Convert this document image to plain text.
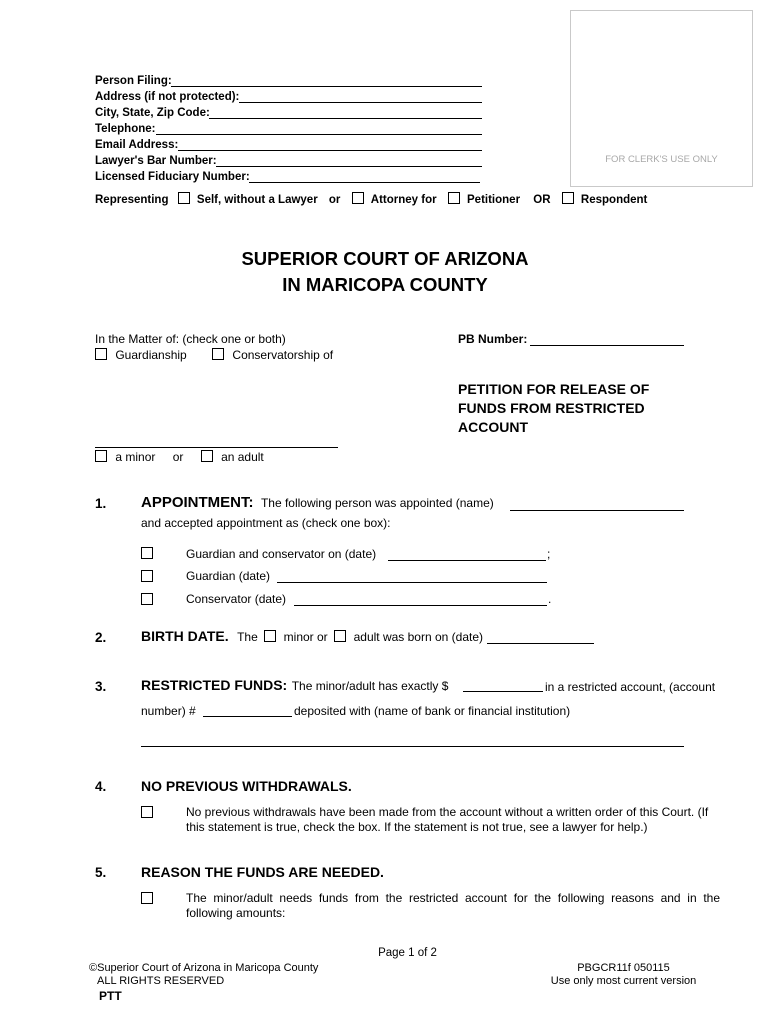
FOR CLERK'S USE ONLY
Person Filing:
Address (if not protected):
City, State, Zip Code:
Telephone:
Email Address:
Lawyer's Bar Number:
Licensed Fiduciary Number:
Representing Self, without a Lawyer or	Attorney for	Petitioner OR	Respondent
SUPERIOR COURT OF ARIZONA
IN MARICOPA COUNTY
In the Matter of: (check one or both)
Guardianship	Conservatorship of
a minor or	an adult
PB Number:
PETITION FOR RELEASE OF
FUNDS FROM RESTRICTED
ACCOUNT
1. APPOINTMENT: The following person was appointed (name)
and accepted appointment as (check one box):
Guardian and conservator on (date)	;
Guardian (date)
Conservator (date)	.
2. BIRTH DATE. The minor or adult was born on (date)
3. RESTRICTED FUNDS: The minor/adult has exactly $	in a restricted account, (account
number) #	deposited with (name of bank or financial institution)
4. NO PREVIOUS WITHDRAWALS.
No previous withdrawals have been made from the account without a written order of this Court. (If
this statement is true, check the box. If the statement is not true, see a lawyer for help.)
5. REASON THE FUNDS ARE NEEDED.
The minor/adult needs funds from the restricted account for the following reasons and in the
following amounts:
Page 1 of 2
©Superior Court of Arizona in Maricopa County
ALL RIGHTS RESERVED
PTT
PBGCR11f 050115
Use only most current version
